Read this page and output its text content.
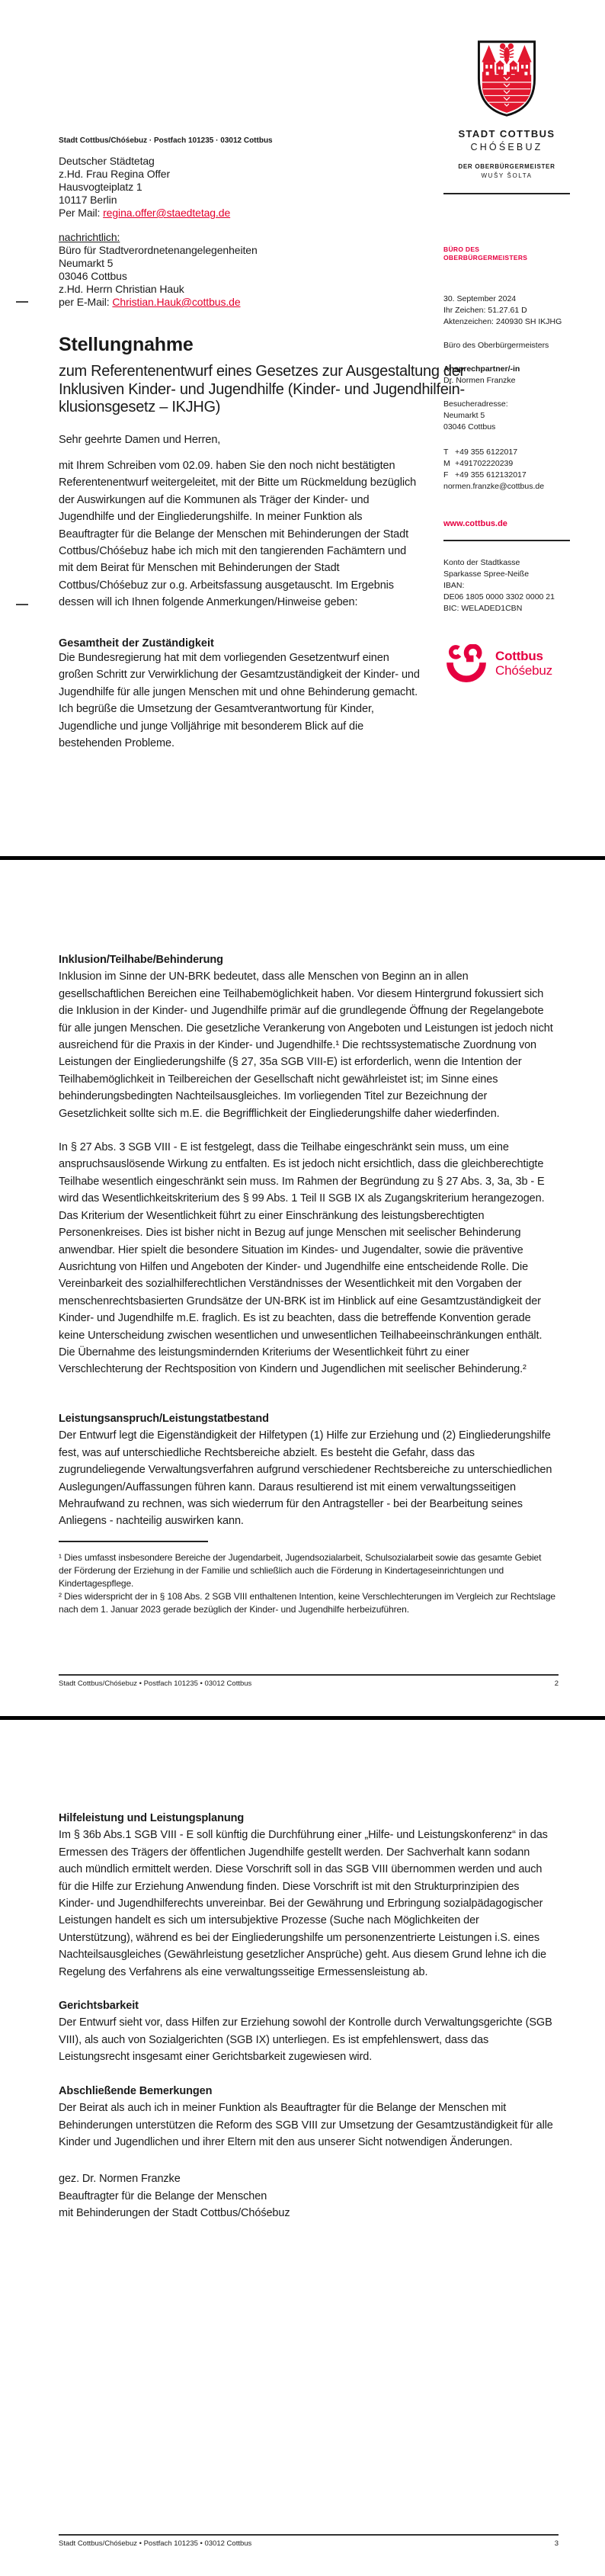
Stadt Cottbus/Chóśebuz · Postfach 101235 · 03012 Cottbus
Deutscher Städtetag
z.Hd. Frau Regina Offer
Hausvogteiplatz 1
10117 Berlin
Per Mail: regina.offer@staedtetag.de
nachrichtlich:
Büro für Stadtverordnetenangelegenheiten
Neumarkt 5
03046 Cottbus
z.Hd. Herrn Christian Hauk
per E-Mail: Christian.Hauk@cottbus.de
Stellungnahme
zum Referentenentwurf eines Gesetzes zur Ausgestaltung der
Inklusiven Kinder- und Jugendhilfe (Kinder- und Jugendhilfein-
klusionsgesetz – IKJHG)
Sehr geehrte Damen und Herren,
mit Ihrem Schreiben vom 02.09. haben Sie den noch nicht bestätigten Referentenentwurf weitergeleitet, mit der Bitte um Rückmeldung bezüglich der Auswirkungen auf die Kommunen als Träger der Kinder- und Jugendhilfe und der Eingliederungshilfe. In meiner Funktion als Beauftragter für die Belange der Menschen mit Behinderungen der Stadt Cottbus/Chóśebuz habe ich mich mit den tangierenden Fachämtern und mit dem Beirat für Menschen mit Behinderungen der Stadt Cottbus/Chóśebuz zur o.g. Arbeitsfassung ausgetauscht. Im Ergebnis dessen will ich Ihnen folgende Anmerkungen/Hinweise geben:
Gesamtheit der Zuständigkeit

Die Bundesregierung hat mit dem vorliegenden Gesetzentwurf einen großen Schritt zur Verwirklichung der Gesamtzuständigkeit der Kinder- und Jugendhilfe für alle jungen Menschen mit und ohne Behinderung gemacht. Ich begrüße die Umsetzung der Gesamtverantwortung für Kinder, Jugendliche und junge Volljährige mit besonderem Blick auf die bestehenden Probleme.

STADT COTTBUS
CHÓŚEBUZ
DER OBERBÜRGERMEISTER
WUŠY ŠOLTA
BÜRO DES
OBERBÜRGERMEISTERS
30. September 2024
Ihr Zeichen: 51.27.61 D
Aktenzeichen: 240930 SH IKJHG
Büro des Oberbürgermeisters
Ansprechpartner/-in
Dr. Normen Franzke
Besucheradresse:
Neumarkt 5
03046 Cottbus
T +49 355 6122017
M +491702220239
F +49 355 612132017
normen.franzke@cottbus.de
www.cottbus.de
Konto der Stadtkasse
Sparkasse Spree-Neiße
IBAN:
DE06 1805 0000 3302 0000 21
BIC: WELADED1CBN
Cottbus
Chóśebuz
Inklusion/Teilhabe/Behinderung

Inklusion im Sinne der UN-BRK bedeutet, dass alle Menschen von Beginn an in allen gesellschaftlichen Bereichen eine Teilhabemöglichkeit haben. Vor diesem Hintergrund fokussiert sich die Inklusion in der Kinder- und Jugendhilfe primär auf die grundlegende Öffnung der Regelangebote für alle jungen Menschen. Die gesetzliche Verankerung von Angeboten und Leistungen ist jedoch nicht ausreichend für die Praxis in der Kinder- und Jugendhilfe.¹ Die rechtssystematische Zuordnung von Leistungen der Eingliederungshilfe (§ 27, 35a SGB VIII-E) ist erforderlich, wenn die Intention der Teilhabemöglichkeit in Teilbereichen der Gesellschaft nicht gewährleistet ist; im Sinne eines behinderungsbedingten Nachteilsausgleiches. Im vorliegenden Titel zur Bezeichnung der Gesetzlichkeit sollte sich m.E. die Begrifflichkeit der Eingliederungshilfe daher wiederfinden.

In § 27 Abs. 3 SGB VIII - E ist festgelegt, dass die Teilhabe eingeschränkt sein muss, um eine anspruchsauslösende Wirkung zu entfalten. Es ist jedoch nicht ersichtlich, dass die gleichberechtigte Teilhabe wesentlich eingeschränkt sein muss. Im Rahmen der Begründung zu § 27 Abs. 3, 3a, 3b - E wird das Wesentlichkeitskriterium des § 99 Abs. 1 Teil II SGB IX als Zugangskriterium herangezogen. Das Kriterium der Wesentlichkeit führt zu einer Einschränkung des leistungsberechtigten Personenkreises. Dies ist bisher nicht in Bezug auf junge Menschen mit seelischer Behinderung anwendbar. Hier spielt die besondere Situation im Kindes- und Jugendalter, sowie die präventive Ausrichtung von Hilfen und Angeboten der Kinder- und Jugendhilfe eine entscheidende Rolle. Die Vereinbarkeit des sozialhilferechtlichen Verständnisses der Wesentlichkeit mit den Vorgaben der menschenrechtsbasierten Grundsätze der UN-BRK ist im Hinblick auf eine Gesamtzuständigkeit der Kinder- und Jugendhilfe m.E. fraglich. Es ist zu beachten, dass die betreffende Konvention gerade keine Unterscheidung zwischen wesentlichen und unwesentlichen Teilhabeeinschränkungen enthält. Die Übernahme des leistungsmindernden Kriteriums der Wesentlichkeit führt zu einer Verschlechterung der Rechtsposition von Kindern und Jugendlichen mit seelischer Behinderung.²

Leistungsanspruch/Leistungstatbestand

Der Entwurf legt die Eigenständigkeit der Hilfetypen (1) Hilfe zur Erziehung und (2) Eingliederungshilfe fest, was auf unterschiedliche Rechtsbereiche abzielt. Es besteht die Gefahr, dass das zugrundeliegende Verwaltungsverfahren aufgrund verschiedener Rechtsbereiche zu unterschiedlichen Auslegungen/Auffassungen führen kann. Daraus resultierend ist mit einem verwaltungsseitigen Mehraufwand zu rechnen, was sich wiederrum für den Antragsteller - bei der Bearbeitung seines Anliegens - nachteilig auswirken kann.

¹ Dies umfasst insbesondere Bereiche der Jugendarbeit, Jugendsozialarbeit, Schulsozialarbeit sowie das gesamte Gebiet der Förderung der Erziehung in der Familie und schließlich auch die Förderung in Kindertageseinrichtungen und Kindertagespflege.

² Dies widerspricht der in § 108 Abs. 2 SGB VIII enthaltenen Intention, keine Verschlechterungen im Vergleich zur Rechtslage nach dem 1. Januar 2023 gerade bezüglich der Kinder- und Jugendhilfe herbeizuführen.

Stadt Cottbus/Chóśebuz • Postfach 101235 • 03012 Cottbus	2
Hilfeleistung und Leistungsplanung

Im § 36b Abs.1 SGB VIII - E soll künftig die Durchführung einer „Hilfe- und Leistungskonferenz“ in das Ermessen des Trägers der öffentlichen Jugendhilfe gestellt werden. Der Sachverhalt kann sodann auch mündlich ermittelt werden. Diese Vorschrift soll in das SGB VIII übernommen werden und auch für die Hilfe zur Erziehung Anwendung finden. Diese Vorschrift ist mit den Strukturprinzipien des Kinder- und Jugendhilferechts unvereinbar. Bei der Gewährung und Erbringung sozialpädagogischer Leistungen handelt es sich um intersubjektive Prozesse (Suche nach Möglichkeiten der Unterstützung), während es bei der Eingliederungshilfe um personenzentrierte Leistungen i.S. eines Nachteilsausgleiches (Gewährleistung gesetzlicher Ansprüche) geht. Aus diesem Grund lehne ich die Regelung des Verfahrens als eine verwaltungsseitige Ermessensleistung ab.

Gerichtsbarkeit

Der Entwurf sieht vor, dass Hilfen zur Erziehung sowohl der Kontrolle durch Verwaltungsgerichte (SGB VIII), als auch von Sozialgerichten (SGB IX) unterliegen. Es ist empfehlenswert, dass das Leistungsrecht insgesamt einer Gerichtsbarkeit zugewiesen wird.

Abschließende Bemerkungen

Der Beirat als auch ich in meiner Funktion als Beauftragter für die Belange der Menschen mit Behinderungen unterstützen die Reform des SGB VIII zur Umsetzung der Gesamtzuständigkeit für alle Kinder und Jugendlichen und ihrer Eltern mit den aus unserer Sicht notwendigen Änderungen.

gez. Dr. Normen Franzke
Beauftragter für die Belange der Menschen
mit Behinderungen der Stadt Cottbus/Chóśebuz
Stadt Cottbus/Chóśebuz • Postfach 101235 • 03012 Cottbus	3
